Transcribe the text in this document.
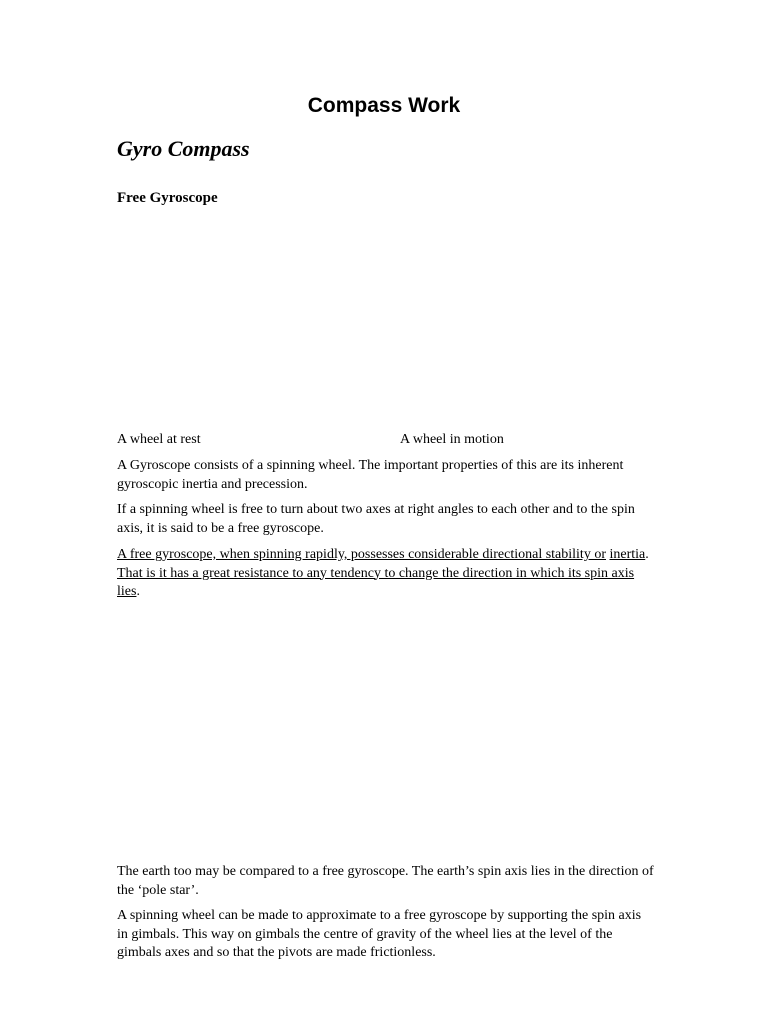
Compass Work
Gyro Compass
Free Gyroscope
A wheel at rest	A wheel in motion
A Gyroscope consists of a spinning wheel. The important properties of this are its inherent gyroscopic inertia and precession.
If a spinning wheel is free to turn about two axes at right angles to each other and to the spin axis, it is said to be a free gyroscope.
A free gyroscope, when spinning rapidly, possesses considerable directional stability or inertia. That is it has a great resistance to any tendency to change the direction in which its spin axis lies.
The earth too may be compared to a free gyroscope. The earth’s spin axis lies in the direction of the ‘pole star’.
A spinning wheel can be made to approximate to a free gyroscope by supporting the spin axis in gimbals. This way on gimbals the centre of gravity of the wheel lies at the level of the gimbals axes and so that the pivots are made frictionless.
